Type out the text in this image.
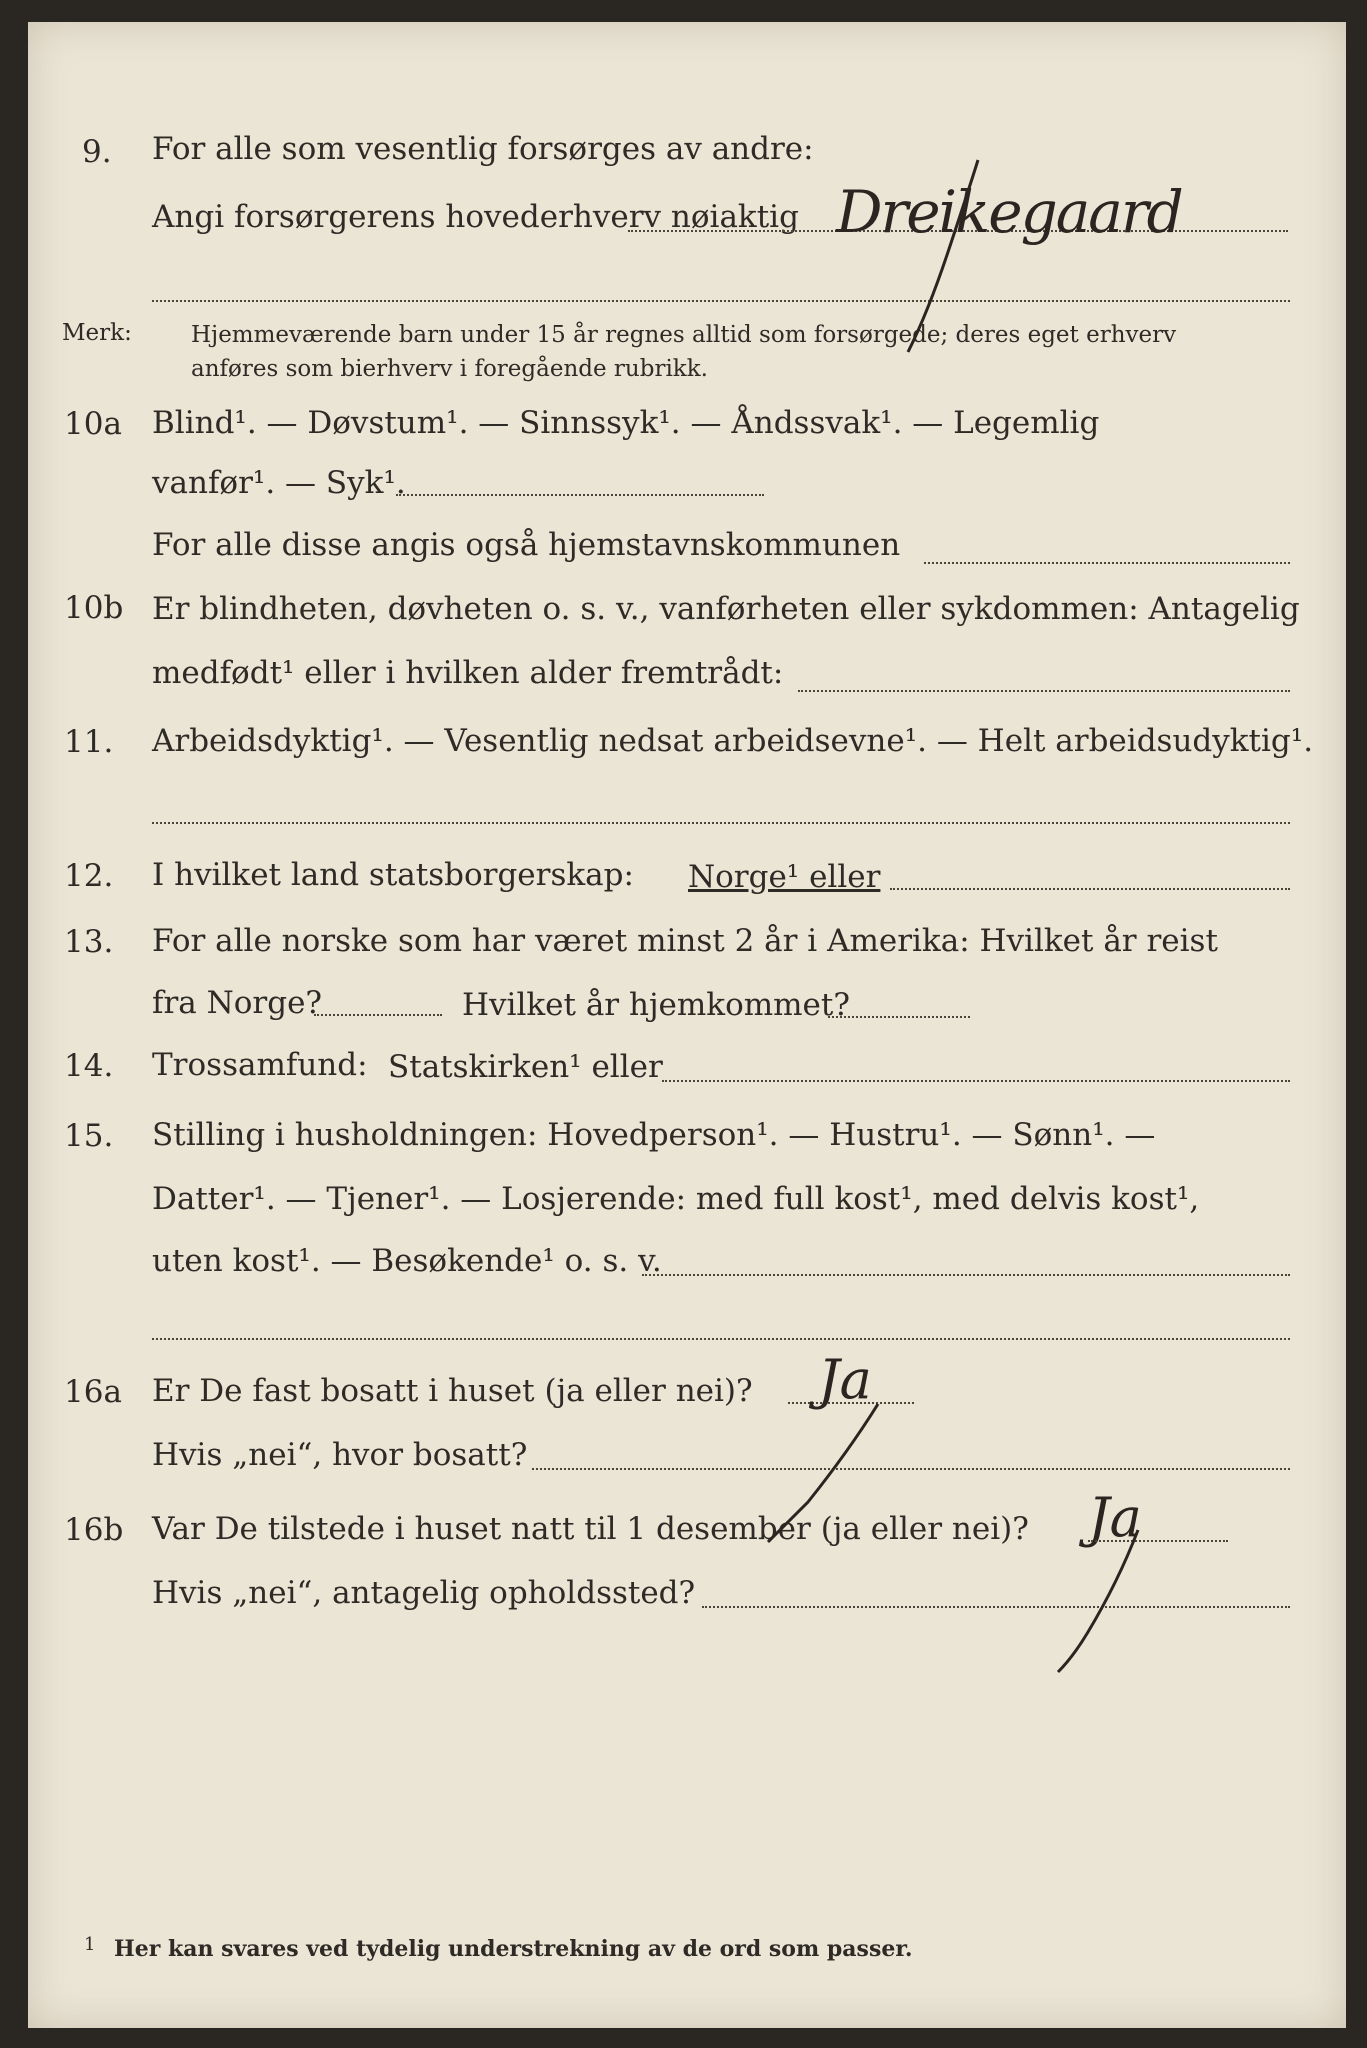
9. For alle som vesentlig forsørges av andre:
Angi forsørgerens hovederhverv nøiaktig Dreikegaard
Merk:	Hjemmeværende barn under 15 år regnes alltid som forsørgede; deres eget erhverv
anføres som bierhverv i foregående rubrikk.
10a Blind¹. — Døvstum¹. — Sinnssyk¹. — Åndssvak¹. — Legemlig
vanfør¹. — Syk¹.
For alle disse angis også hjemstavnskommunen
10b Er blindheten, døvheten o. s. v., vanførheten eller sykdommen: Antagelig
medfødt¹ eller i hvilken alder fremtrådt:
11. Arbeidsdyktig¹. — Vesentlig nedsat arbeidsevne¹. — Helt arbeidsudyktig¹.
12. I hvilket land statsborgerskap: Norge¹ eller
13. For alle norske som har været minst 2 år i Amerika: Hvilket år reist
fra Norge?	Hvilket år hjemkommet?
14. Trossamfund: Statskirken¹ eller
15. Stilling i husholdningen: Hovedperson¹. — Hustru¹. — Sønn¹. —
Datter¹. — Tjener¹. — Losjerende: med full kost¹, med delvis kost¹,
uten kost¹. — Besøkende¹ o. s. v.
16a Er De fast bosatt i huset (ja eller nei)? Ja
Hvis „nei“, hvor bosatt?
16b Var De tilstede i huset natt til 1 desember (ja eller nei)? Ja
Hvis „nei“, antagelig opholdssted?
1 Her kan svares ved tydelig understrekning av de ord som passer.
